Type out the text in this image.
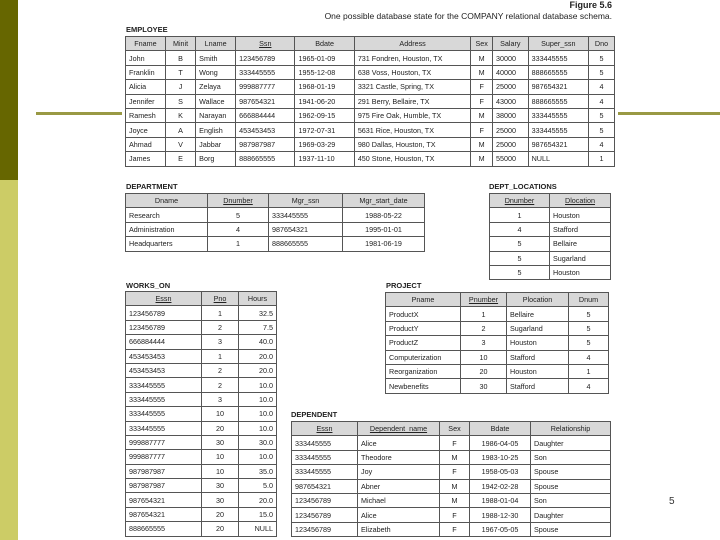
Figure 5.6
One possible database state for the COMPANY relational database schema.
EMPLOYEE
Fname	Minit	Lname	Ssn	Bdate	Address	Sex	Salary	Super_ssn	Dno
John	B	Smith	123456789	1965-01-09	731 Fondren, Houston, TX	M	30000	333445555	5
Franklin	T	Wong	333445555	1955-12-08	638 Voss, Houston, TX	M	40000	888665555	5
Alicia	J	Zelaya	999887777	1968-01-19	3321 Castle, Spring, TX	F	25000	987654321	4
Jennifer	S	Wallace	987654321	1941-06-20	291 Berry, Bellaire, TX	F	43000	888665555	4
Ramesh	K	Narayan	666884444	1962-09-15	975 Fire Oak, Humble, TX	M	38000	333445555	5
Joyce	A	English	453453453	1972-07-31	5631 Rice, Houston, TX	F	25000	333445555	5
Ahmad	V	Jabbar	987987987	1969-03-29	980 Dallas, Houston, TX	M	25000	987654321	4
James	E	Borg	888665555	1937-11-10	450 Stone, Houston, TX	M	55000	NULL	1
DEPARTMENT
Dname	Dnumber	Mgr_ssn	Mgr_start_date
Research	5	333445555	1988-05-22
Administration	4	987654321	1995-01-01
Headquarters	1	888665555	1981-06-19
DEPT_LOCATIONS
Dnumber	Dlocation
1	Houston
4	Stafford
5	Bellaire
5	Sugarland
5	Houston
WORKS_ON
Essn	Pno	Hours
123456789	1	32.5
123456789	2	7.5
666884444	3	40.0
453453453	1	20.0
453453453	2	20.0
333445555	2	10.0
333445555	3	10.0
333445555	10	10.0
333445555	20	10.0
999887777	30	30.0
999887777	10	10.0
987987987	10	35.0
987987987	30	5.0
987654321	30	20.0
987654321	20	15.0
888665555	20	NULL
PROJECT
Pname	Pnumber	Plocation	Dnum
ProductX	1	Bellaire	5
ProductY	2	Sugarland	5
ProductZ	3	Houston	5
Computerization	10	Stafford	4
Reorganization	20	Houston	1
Newbenefits	30	Stafford	4
DEPENDENT
Essn	Dependent_name	Sex	Bdate	Relationship
333445555	Alice	F	1986-04-05	Daughter
333445555	Theodore	M	1983-10-25	Son
333445555	Joy	F	1958-05-03	Spouse
987654321	Abner	M	1942-02-28	Spouse
123456789	Michael	M	1988-01-04	Son
123456789	Alice	F	1988-12-30	Daughter
123456789	Elizabeth	F	1967-05-05	Spouse
5
